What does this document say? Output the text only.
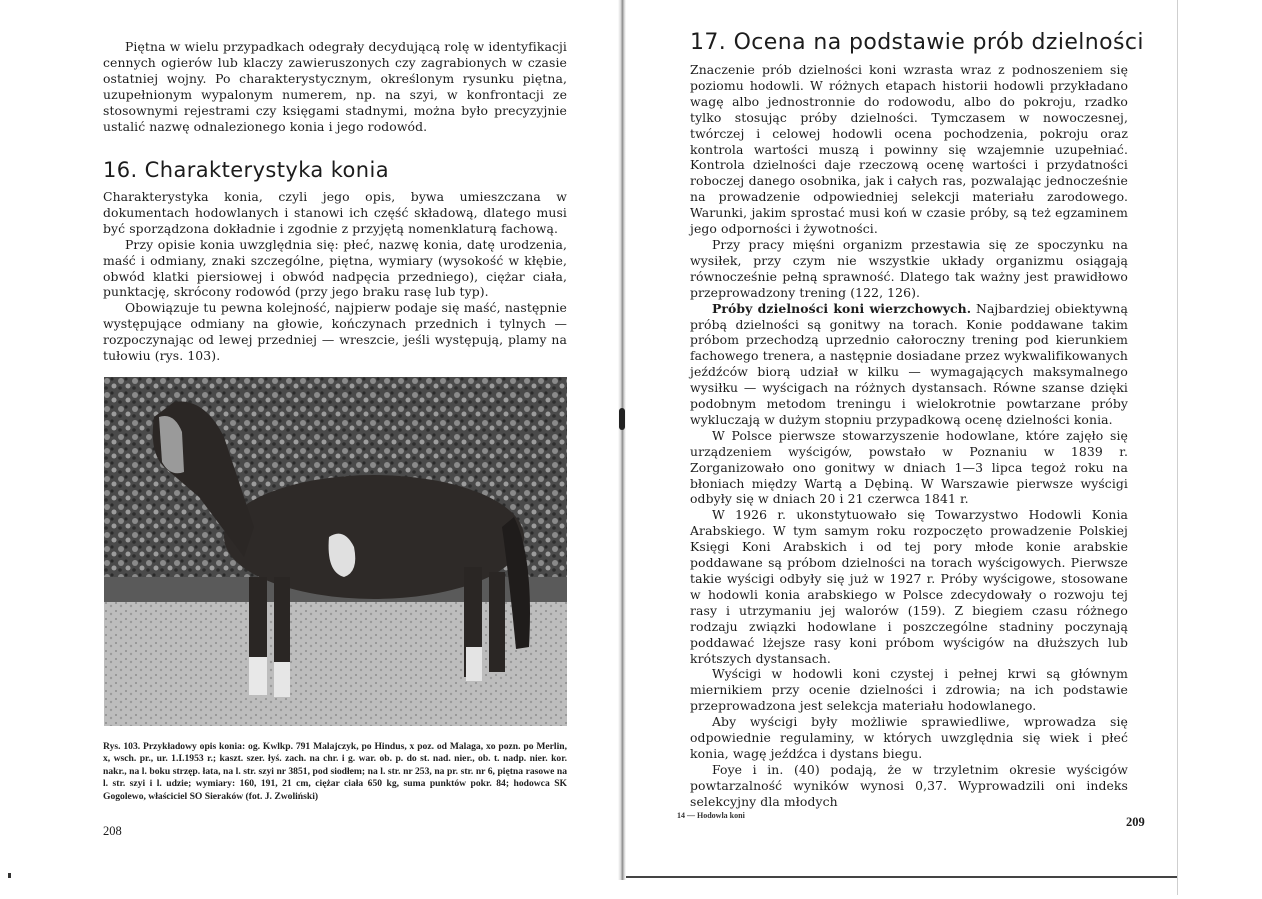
Piętna w wielu przypadkach odegrały decydującą rolę w identyfikacji cennych ogierów lub klaczy zawieruszonych czy zagrabionych w czasie ostatniej wojny. Po charakterystycznym, określonym rysunku piętna, uzupełnionym wypalonym numerem, np. na szyi, w konfrontacji ze stosownymi rejestrami czy księgami stadnymi, można było precyzyjnie ustalić nazwę odnalezionego konia i jego rodowód.

16. Charakterystyka konia

Charakterystyka konia, czyli jego opis, bywa umieszczana w dokumentach hodowlanych i stanowi ich część składową, dlatego musi być sporządzona dokładnie i zgodnie z przyjętą nomenklaturą fachową.

Przy opisie konia uwzględnia się: płeć, nazwę konia, datę urodzenia, maść i odmiany, znaki szczególne, piętna, wymiary (wysokość w kłębie, obwód klatki piersiowej i obwód nadpęcia przedniego), ciężar ciała, punktację, skrócony rodowód (przy jego braku rasę lub typ).

Obowiązuje tu pewna kolejność, najpierw podaje się maść, następnie występujące odmiany na głowie, kończynach przednich i tylnych — rozpoczynając od lewej przedniej — wreszcie, jeśli występują, plamy na tułowiu (rys. 103).

Rys. 103. Przykładowy opis konia: og. Kwlkp. 791 Malajczyk, po Hindus, x poz. od Malaga, xo pozn. po Merlin, x, wsch. pr., ur. 1.I.1953 r.; kaszt. szer. łyś. zach. na chr. i g. war. ob. p. do st. nad. nier., ob. t. nadp. nier. kor. nakr., na l. boku strzęp. łata, na l. str. szyi nr 3851, pod siodłem; na l. str. nr 253, na pr. str. nr 6, piętna rasowe na l. str. szyi i l. udzie; wymiary: 160, 191, 21 cm, ciężar ciała 650 kg, suma punktów pokr. 84; hodowca SK Gogolewo, właściciel SO Sieraków (fot. J. Zwoliński)
208
17. Ocena na podstawie prób dzielności

Znaczenie prób dzielności koni wzrasta wraz z podnoszeniem się poziomu hodowli. W różnych etapach historii hodowli przykładano wagę albo jednostronnie do rodowodu, albo do pokroju, rzadko tylko stosując próby dzielności. Tymczasem w nowoczesnej, twórczej i celowej hodowli ocena pochodzenia, pokroju oraz kontrola wartości muszą i powinny się wzajemnie uzupełniać. Kontrola dzielności daje rzeczową ocenę wartości i przydatności roboczej danego osobnika, jak i całych ras, pozwalając jednocześnie na prowadzenie odpowiedniej selekcji materiału zarodowego. Warunki, jakim sprostać musi koń w czasie próby, są też egzaminem jego odporności i żywotności.

Przy pracy mięśni organizm przestawia się ze spoczynku na wysiłek, przy czym nie wszystkie układy organizmu osiągają równocześnie pełną sprawność. Dlatego tak ważny jest prawidłowo przeprowadzony trening (122, 126).

Próby dzielności koni wierzchowych. Najbardziej obiektywną próbą dzielności są gonitwy na torach. Konie poddawane takim próbom przechodzą uprzednio całoroczny trening pod kierunkiem fachowego trenera, a następnie dosiadane przez wykwalifikowanych jeźdźców biorą udział w kilku — wymagających maksymalnego wysiłku — wyścigach na różnych dystansach. Równe szanse dzięki podobnym metodom treningu i wielokrotnie powtarzane próby wykluczają w dużym stopniu przypadkową ocenę dzielności konia.

W Polsce pierwsze stowarzyszenie hodowlane, które zajęło się urządzeniem wyścigów, powstało w Poznaniu w 1839 r. Zorganizowało ono gonitwy w dniach 1—3 lipca tegoż roku na błoniach między Wartą a Dębiną. W Warszawie pierwsze wyścigi odbyły się w dniach 20 i 21 czerwca 1841 r.

W 1926 r. ukonstytuowało się Towarzystwo Hodowli Konia Arabskiego. W tym samym roku rozpoczęto prowadzenie Polskiej Księgi Koni Arabskich i od tej pory młode konie arabskie poddawane są próbom dzielności na torach wyścigowych. Pierwsze takie wyścigi odbyły się już w 1927 r. Próby wyścigowe, stosowane w hodowli konia arabskiego w Polsce zdecydowały o rozwoju tej rasy i utrzymaniu jej walorów (159). Z biegiem czasu różnego rodzaju związki hodowlane i poszczególne stadniny poczynają poddawać lżejsze rasy koni próbom wyścigów na dłuższych lub krótszych dystansach.

Wyścigi w hodowli koni czystej i pełnej krwi są głównym miernikiem przy ocenie dzielności i zdrowia; na ich podstawie przeprowadzona jest selekcja materiału hodowlanego.

Aby wyścigi były możliwie sprawiedliwe, wprowadza się odpowiednie regulaminy, w których uwzględnia się wiek i płeć konia, wagę jeźdźca i dystans biegu.

Foye i in. (40) podają, że w trzyletnim okresie wyścigów powtarzalność wyników wynosi 0,37. Wyprowadzili oni indeks selekcyjny dla młodych

14 — Hodowla koni	209
